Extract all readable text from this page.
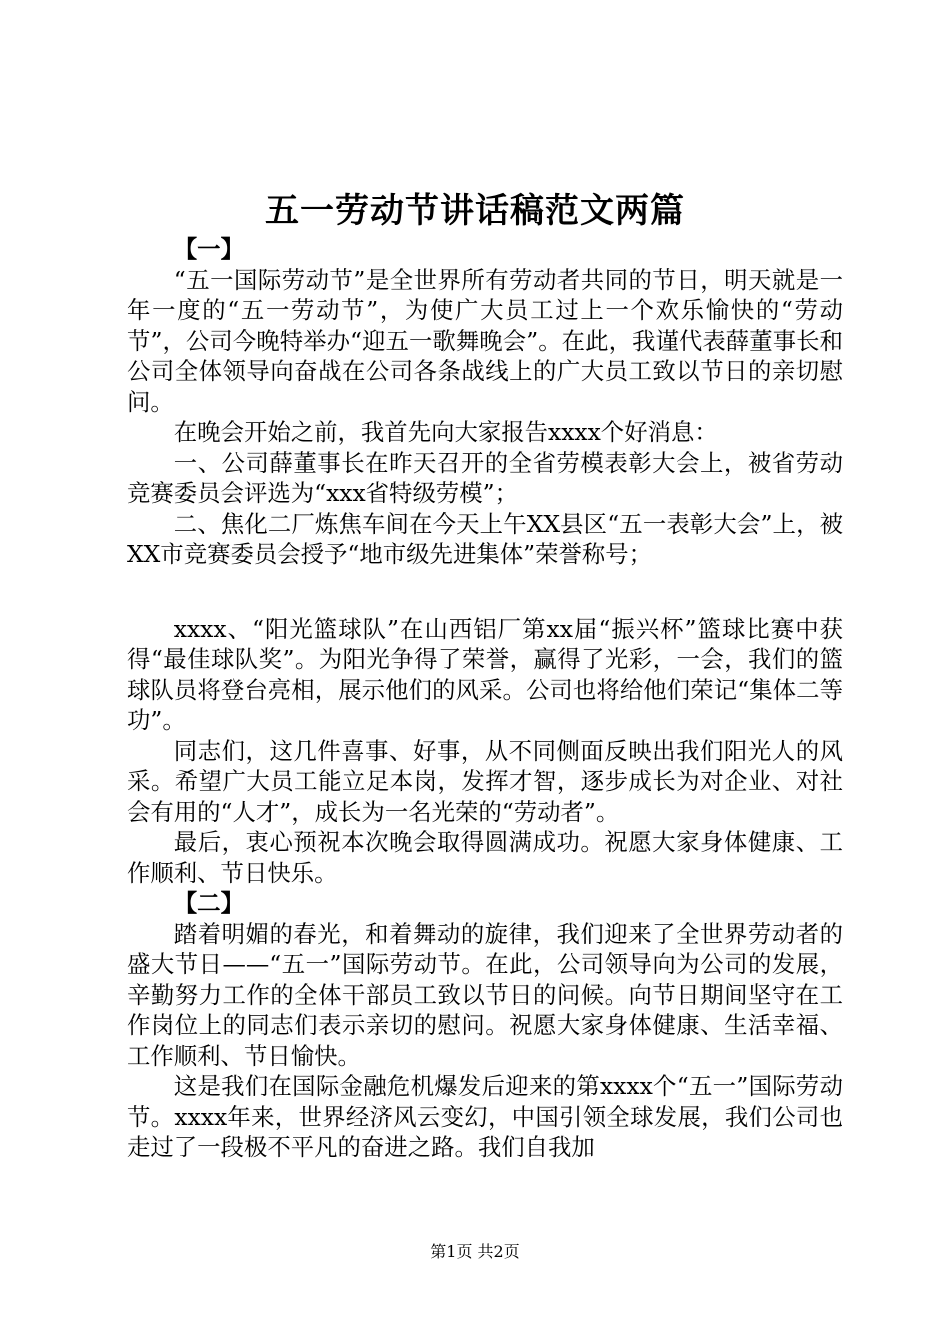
五一劳动节讲话稿范文两篇

【一】

“五一国际劳动节”是全世界所有劳动者共同的节日，明天就是一年一度的“五一劳动节”，为使广大员工过上一个欢乐愉快的“劳动节”，公司今晚特举办“迎五一歌舞晚会”。在此，我谨代表薛董事长和公司全体领导向奋战在公司各条战线上的广大员工致以节日的亲切慰问。

在晚会开始之前，我首先向大家报告xxxx个好消息：

一、公司薛董事长在昨天召开的全省劳模表彰大会上，被省劳动竞赛委员会评选为“xxx省特级劳模”；

二、焦化二厂炼焦车间在今天上午XX县区“五一表彰大会”上，被XX市竞赛委员会授予“地市级先进集体”荣誉称号；

xxxx、“阳光篮球队”在山西铝厂第xx届“振兴杯”篮球比赛中获得“最佳球队奖”。为阳光争得了荣誉，赢得了光彩，一会，我们的篮球队员将登台亮相，展示他们的风采。公司也将给他们荣记“集体二等功”。

同志们，这几件喜事、好事，从不同侧面反映出我们阳光人的风采。希望广大员工能立足本岗，发挥才智，逐步成长为对企业、对社会有用的“人才”，成长为一名光荣的“劳动者”。

最后，衷心预祝本次晚会取得圆满成功。祝愿大家身体健康、工作顺利、节日快乐。

【二】

踏着明媚的春光，和着舞动的旋律，我们迎来了全世界劳动者的盛大节日——“五一”国际劳动节。在此，公司领导向为公司的发展，辛勤努力工作的全体干部员工致以节日的问候。向节日期间坚守在工作岗位上的同志们表示亲切的慰问。祝愿大家身体健康、生活幸福、工作顺利、节日愉快。

这是我们在国际金融危机爆发后迎来的第xxxx个“五一”国际劳动节。xxxx年来，世界经济风云变幻，中国引领全球发展，我们公司也走过了一段极不平凡的奋进之路。我们自我加

第1页 共2页
